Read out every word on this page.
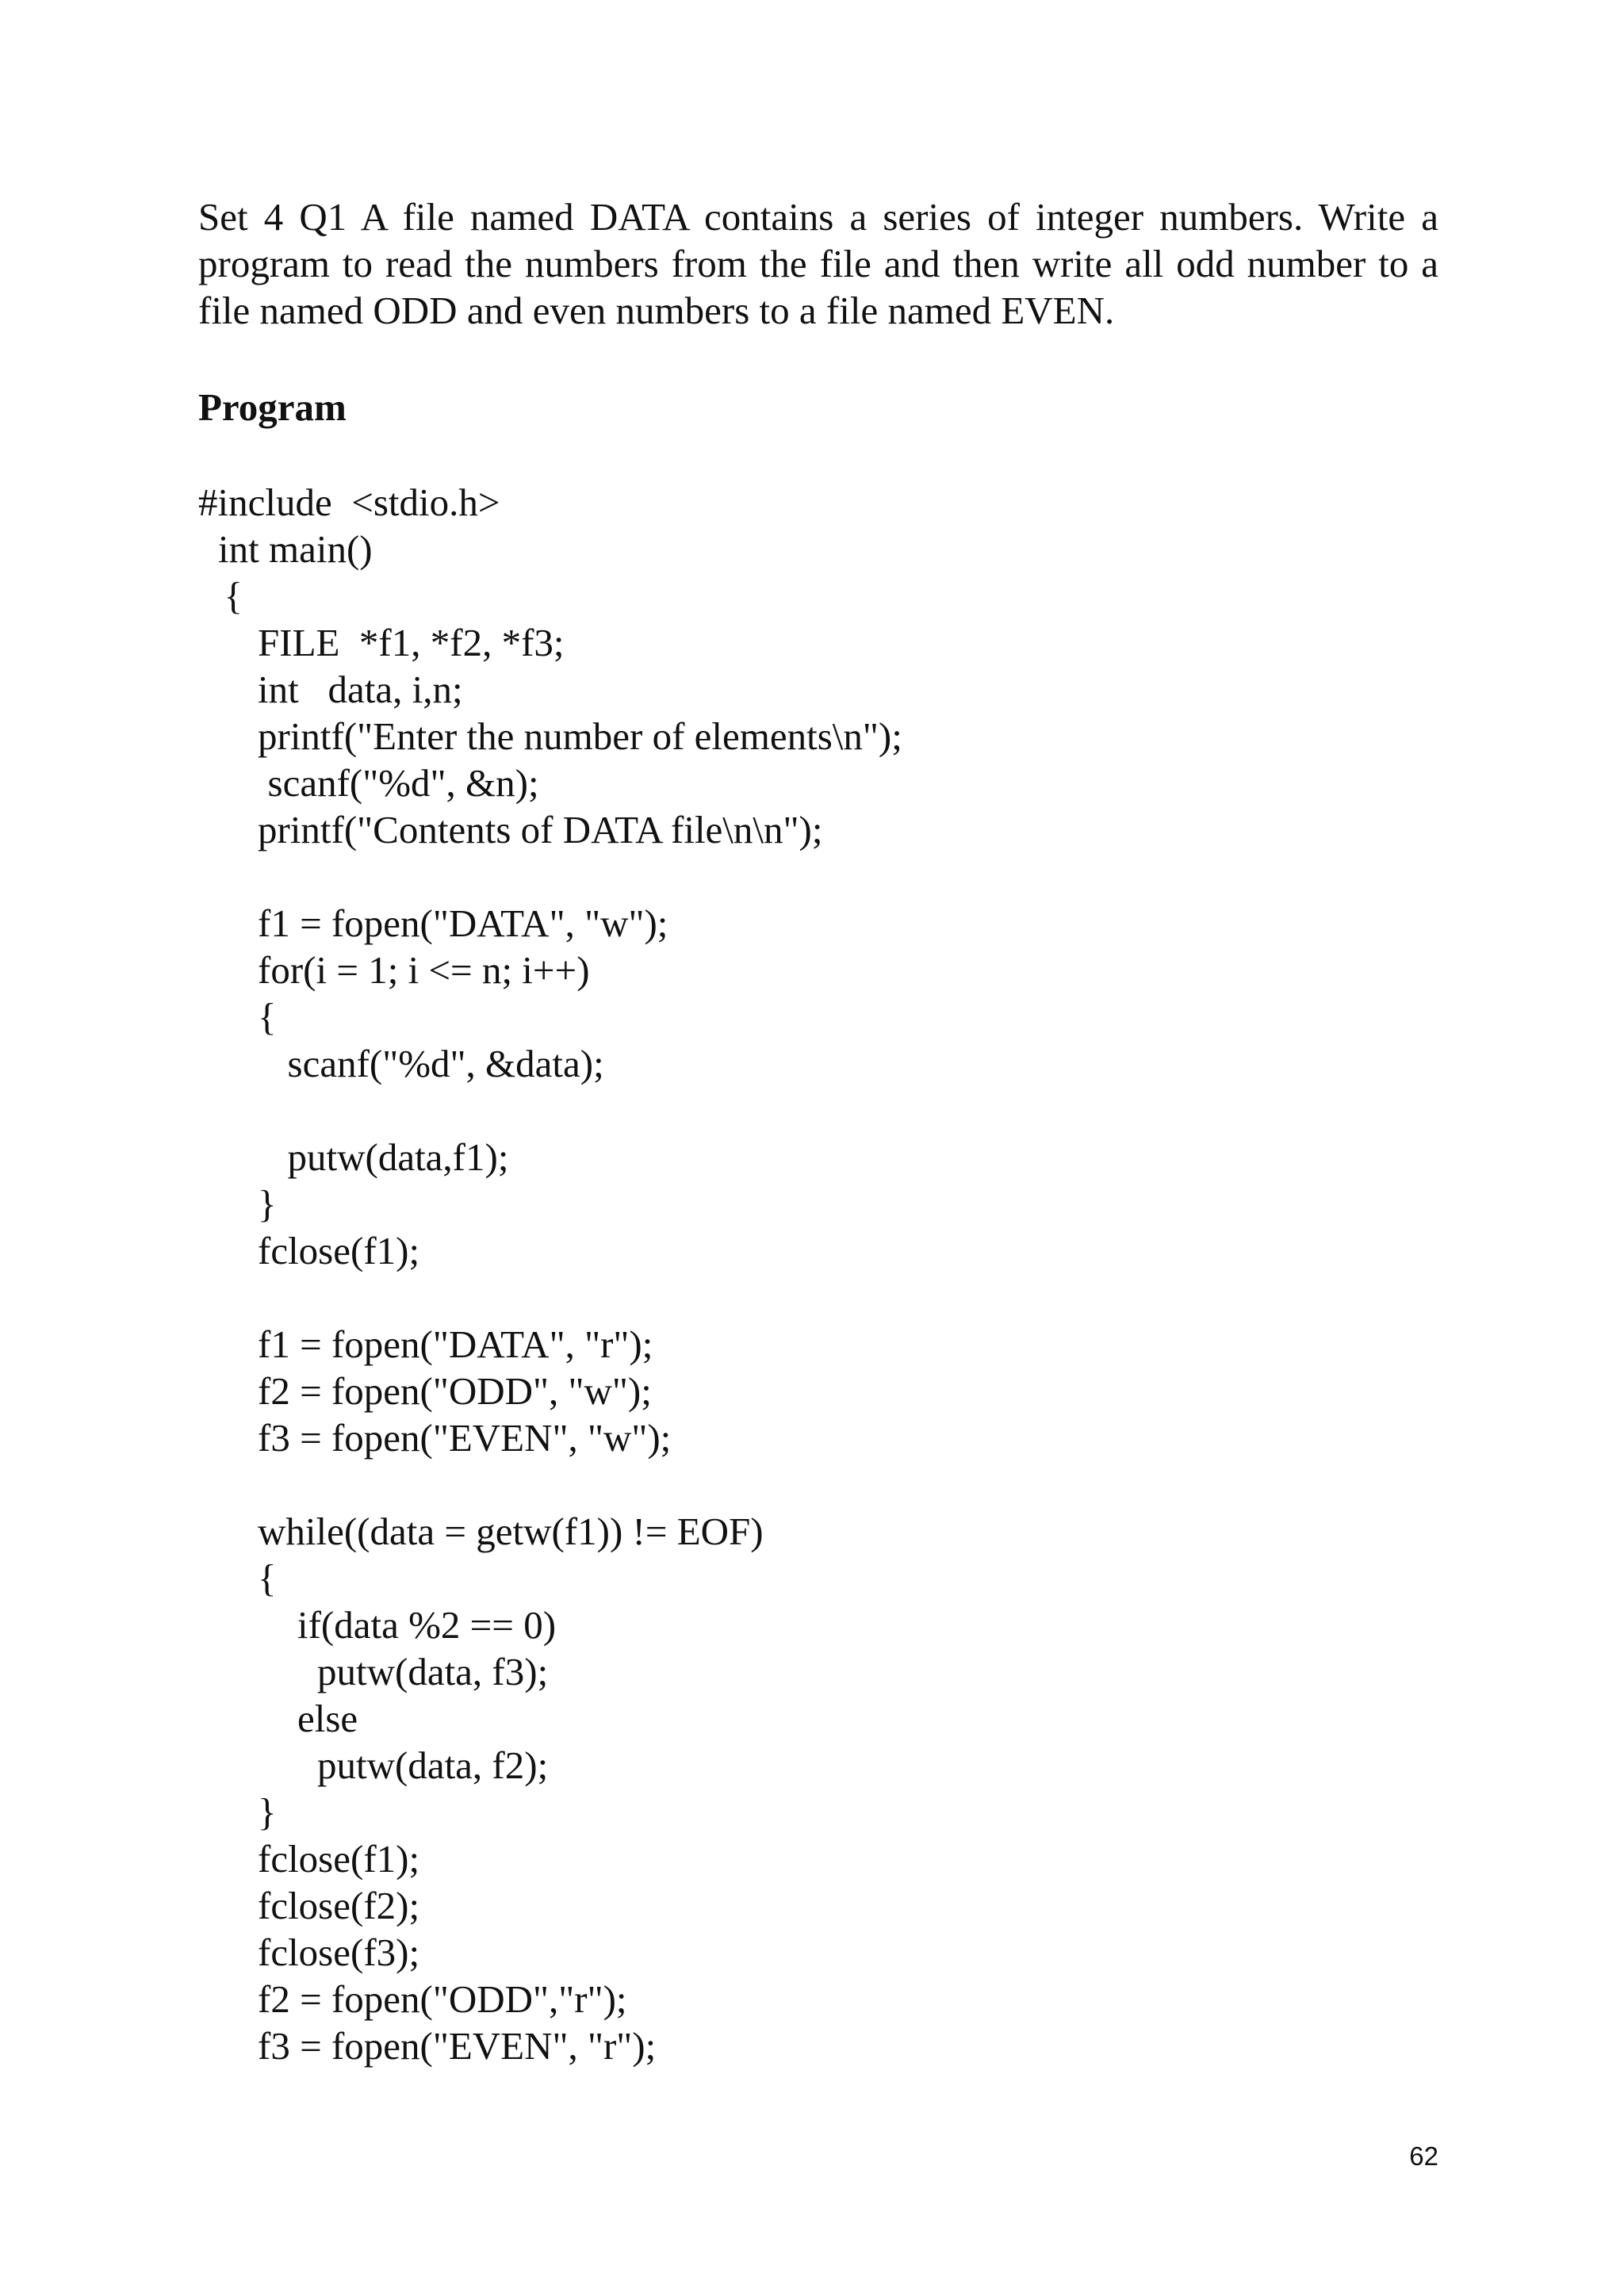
Set 4 Q1 A file named DATA contains a series of integer numbers. Write a program to read the numbers from the file and then write all odd number to a file named ODD and even numbers to a file named EVEN.

Program
#include  <stdio.h>
int main()
{
FILE  *f1, *f2, *f3;
int   data, i,n;
printf("Enter the number of elements\n");
scanf("%d", &n);
printf("Contents of DATA file\n\n");
f1 = fopen("DATA", "w");
for(i = 1; i <= n; i++)
{
scanf("%d", &data);
putw(data,f1);
}
fclose(f1);
f1 = fopen("DATA", "r");
f2 = fopen("ODD", "w");
f3 = fopen("EVEN", "w");
while((data = getw(f1)) != EOF)
{
if(data %2 == 0)
putw(data, f3);
else
putw(data, f2);
}
fclose(f1);
fclose(f2);
fclose(f3);
f2 = fopen("ODD","r");
f3 = fopen("EVEN", "r");
62
